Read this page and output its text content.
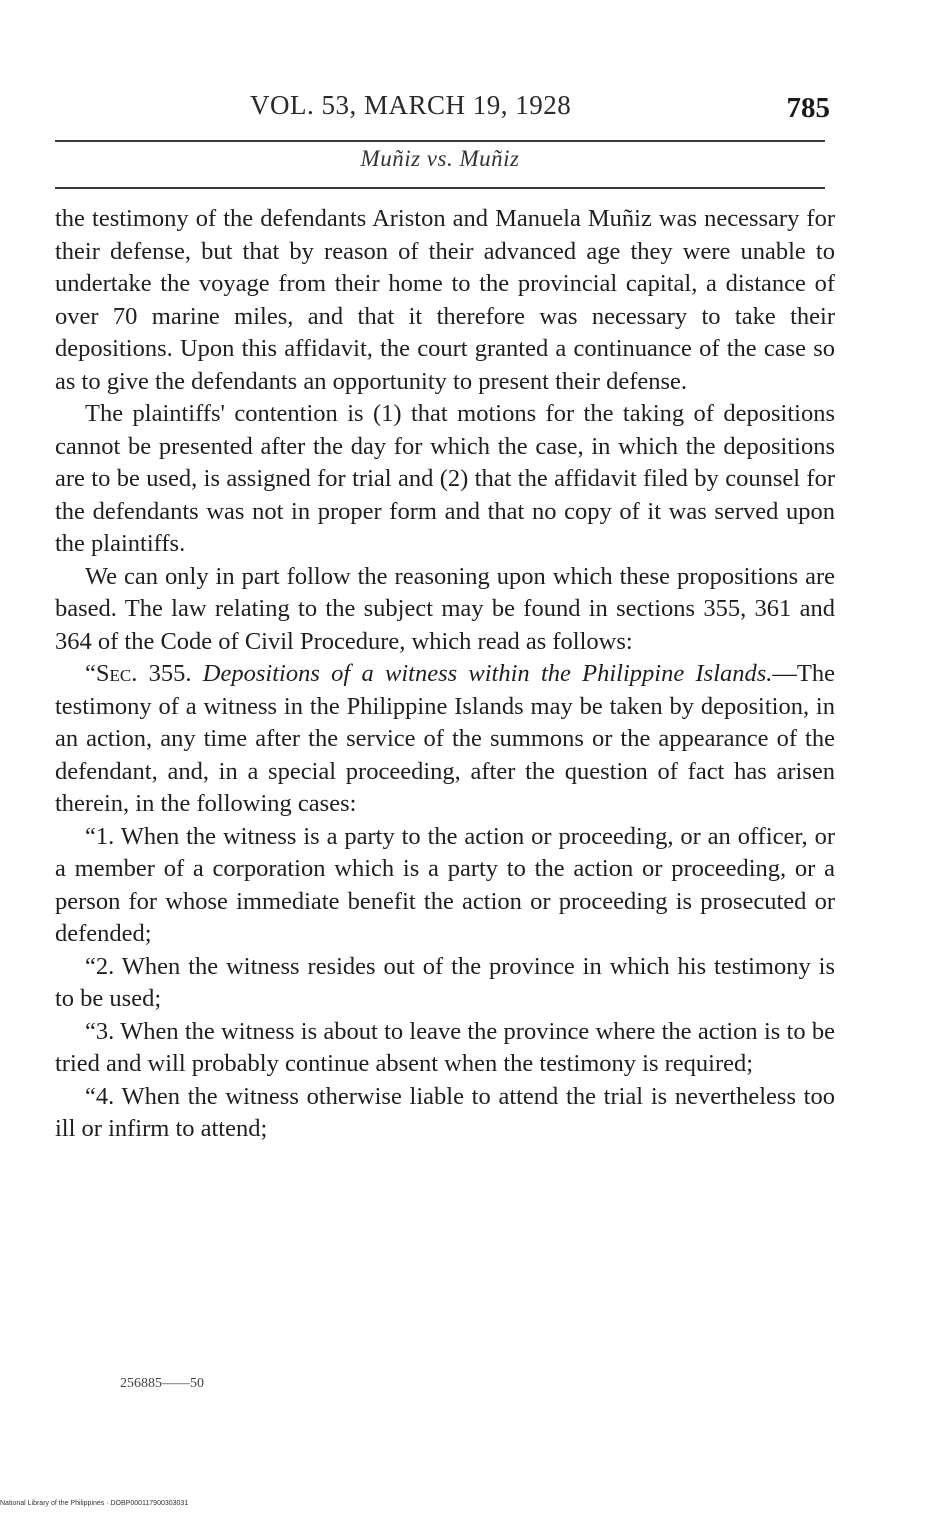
VOL. 53, MARCH 19, 1928	785
Muñiz vs. Muñiz

the testimony of the defendants Ariston and Manuela Muñiz was necessary for their defense, but that by reason of their advanced age they were unable to undertake the voyage from their home to the provincial capital, a distance of over 70 marine miles, and that it therefore was necessary to take their depositions. Upon this affidavit, the court granted a continuance of the case so as to give the defendants an opportunity to present their defense.

The plaintiffs' contention is (1) that motions for the taking of depositions cannot be presented after the day for which the case, in which the depositions are to be used, is assigned for trial and (2) that the affidavit filed by counsel for the defendants was not in proper form and that no copy of it was served upon the plaintiffs.

We can only in part follow the reasoning upon which these propositions are based. The law relating to the subject may be found in sections 355, 361 and 364 of the Code of Civil Procedure, which read as follows:

“Sec. 355. Depositions of a witness within the Philippine Islands.—The testimony of a witness in the Philippine Islands may be taken by deposition, in an action, any time after the service of the summons or the appearance of the defendant, and, in a special proceeding, after the question of fact has arisen therein, in the following cases:

“1. When the witness is a party to the action or proceeding, or an officer, or a member of a corporation which is a party to the action or proceeding, or a person for whose immediate benefit the action or proceeding is prosecuted or defended;

“2. When the witness resides out of the province in which his testimony is to be used;

“3. When the witness is about to leave the province where the action is to be tried and will probably continue absent when the testimony is required;

“4. When the witness otherwise liable to attend the trial is nevertheless too ill or infirm to attend;

256885——50
National Library of the Philippines · DOBP000117900303031
